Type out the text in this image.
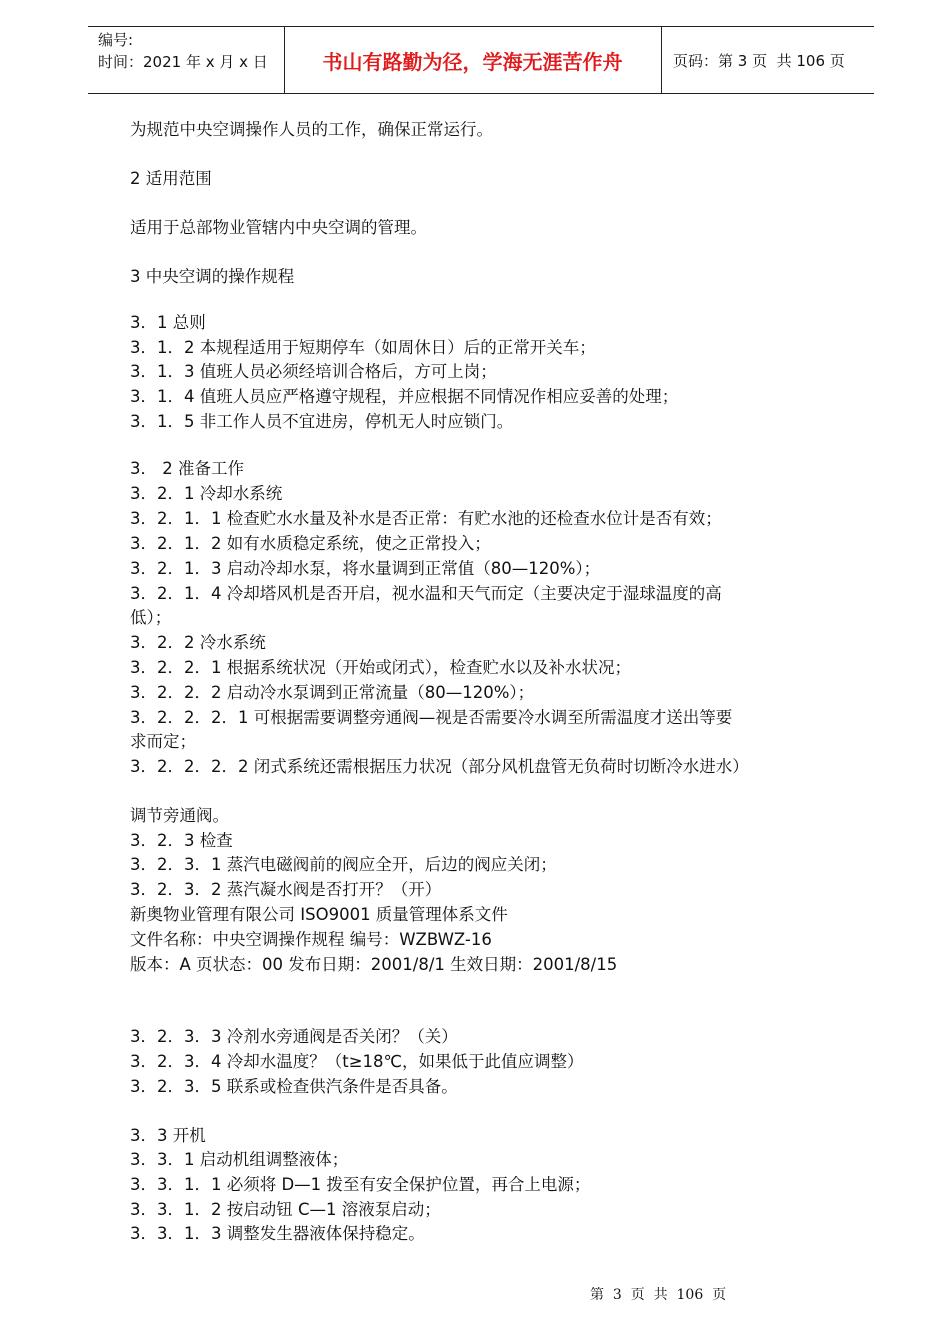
编号:
时间：2021 年 x 月 x 日	书山有路勤为径，学海无涯苦作舟	页码：第 3 页  共 106 页
为规范中央空调操作人员的工作，确保正常运行。
2 适用范围
适用于总部物业管辖内中央空调的管理。
3 中央空调的操作规程
3．1 总则
3．1．2 本规程适用于短期停车（如周休日）后的正常开关车；
3．1．3 值班人员必须经培训合格后，方可上岗；
3．1．4 值班人员应严格遵守规程，并应根据不同情况作相应妥善的处理；
3．1．5 非工作人员不宜进房，停机无人时应锁门。
3． 2 准备工作
3．2．1 冷却水系统
3．2．1．1 检查贮水水量及补水是否正常：有贮水池的还检查水位计是否有效；
3．2．1．2 如有水质稳定系统，使之正常投入；
3．2．1．3 启动冷却水泵，将水量调到正常值（80—120%）；
3．2．1．4 冷却塔风机是否开启，视水温和天气而定（主要决定于湿球温度的高
低）；
3．2．2 冷水系统
3．2．2．1 根据系统状况（开始或闭式），检查贮水以及补水状况；
3．2．2．2 启动冷水泵调到正常流量（80—120%）；
3．2．2．2．1 可根据需要调整旁通阀—视是否需要冷水调至所需温度才送出等要
求而定；
3．2．2．2．2 闭式系统还需根据压力状况（部分风机盘管无负荷时切断冷水进水）
调节旁通阀。
3．2．3 检查
3．2．3．1 蒸汽电磁阀前的阀应全开，后边的阀应关闭；
3．2．3．2 蒸汽凝水阀是否打开？（开）
新奥物业管理有限公司 ISO9001 质量管理体系文件
文件名称：中央空调操作规程 编号：WZBWZ-16
版本：A 页状态：00 发布日期：2001/8/1 生效日期：2001/8/15
3．2．3．3 冷剂水旁通阀是否关闭？（关）
3．2．3．4 冷却水温度？（t≥18℃，如果低于此值应调整）
3．2．3．5 联系或检查供汽条件是否具备。
3．3 开机
3．3．1 启动机组调整液体；
3．3．1．1 必须将 D—1 拨至有安全保护位置，再合上电源；
3．3．1．2 按启动钮 C—1 溶液泵启动；
3．3．1．3 调整发生器液体保持稳定。
第  3  页  共  106  页
